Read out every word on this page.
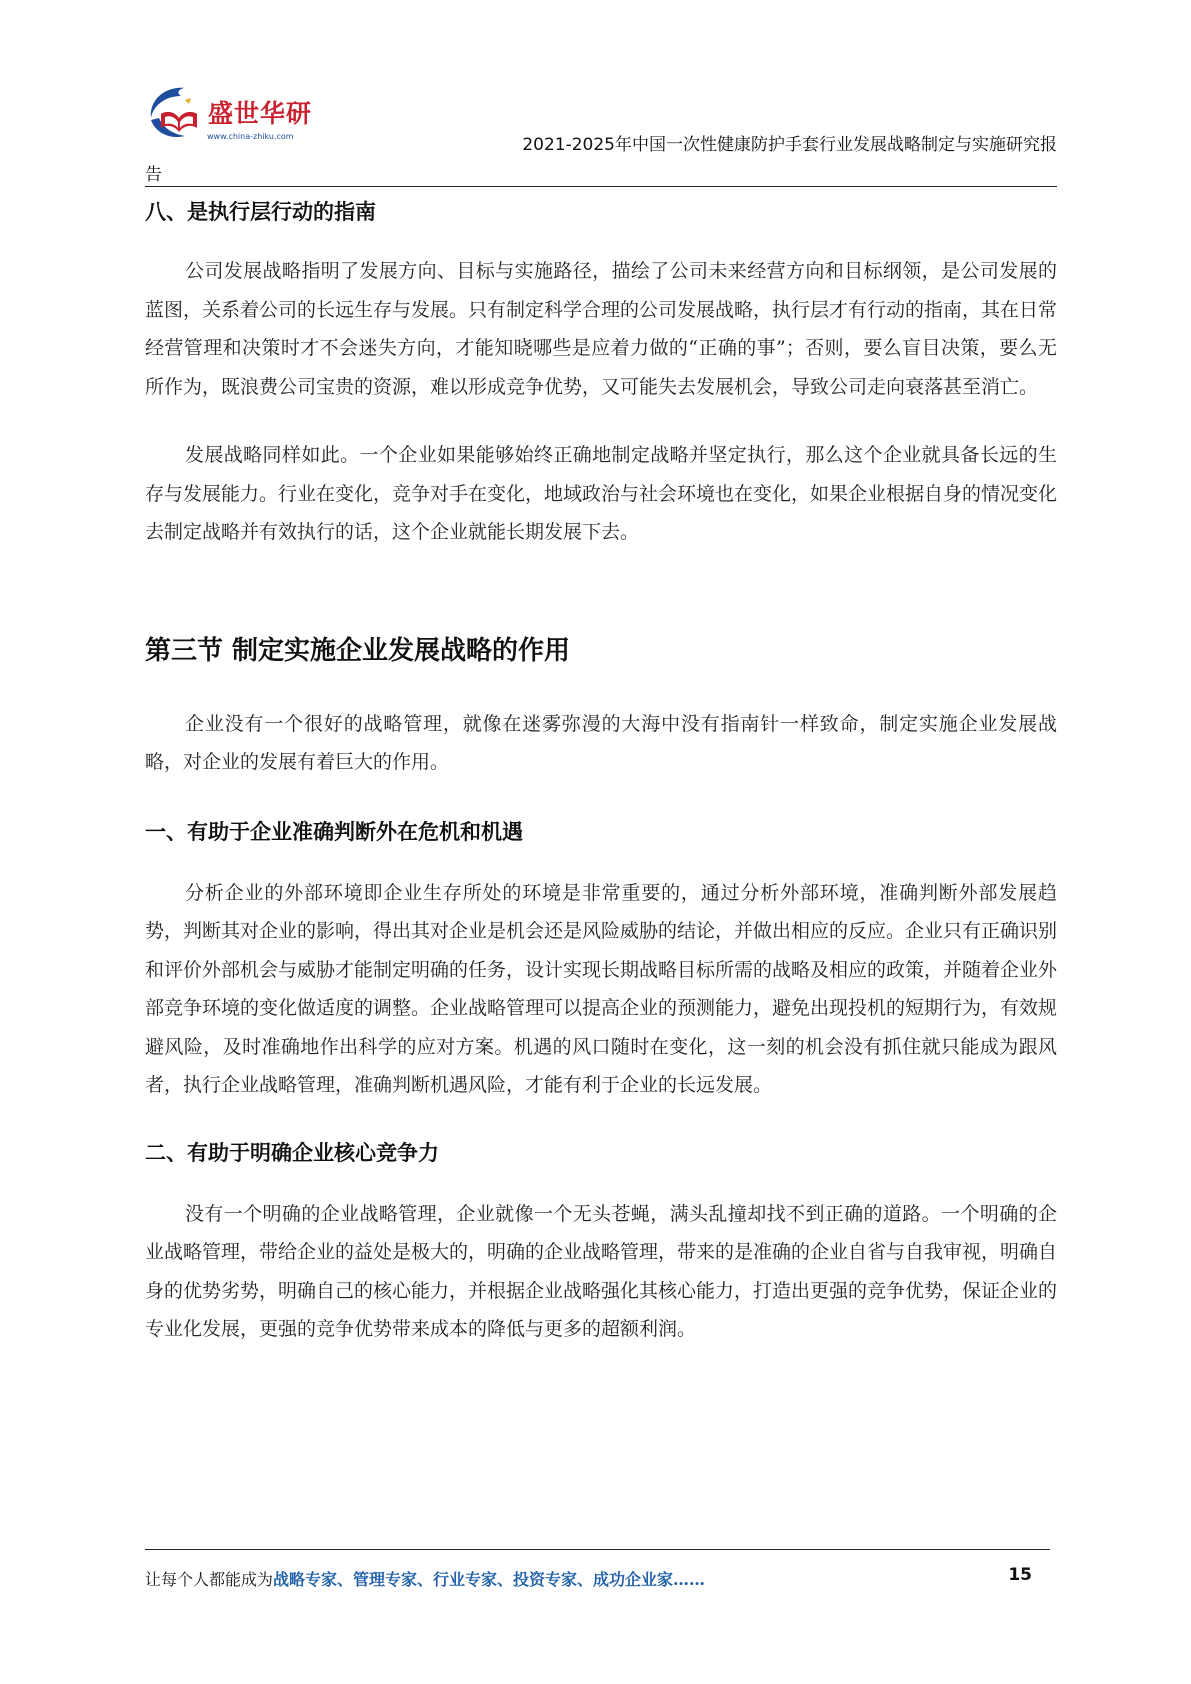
盛世华研
www.china-zhiku.com	2021-2025年中国一次性健康防护手套行业发展战略制定与实施研究报
告
八、是执行层行动的指南

公司发展战略指明了发展方向、目标与实施路径，描绘了公司未来经营方向和目标纲领，是公司发展的蓝图，关系着公司的长远生存与发展。只有制定科学合理的公司发展战略，执行层才有行动的指南，其在日常经营管理和决策时才不会迷失方向，才能知晓哪些是应着力做的“正确的事”；否则，要么盲目决策，要么无所作为，既浪费公司宝贵的资源，难以形成竞争优势，又可能失去发展机会，导致公司走向衰落甚至消亡。

发展战略同样如此。一个企业如果能够始终正确地制定战略并坚定执行，那么这个企业就具备长远的生存与发展能力。行业在变化，竞争对手在变化，地域政治与社会环境也在变化，如果企业根据自身的情况变化去制定战略并有效执行的话，这个企业就能长期发展下去。

第三节 制定实施企业发展战略的作用

企业没有一个很好的战略管理，就像在迷雾弥漫的大海中没有指南针一样致命，制定实施企业发展战略，对企业的发展有着巨大的作用。

一、有助于企业准确判断外在危机和机遇

分析企业的外部环境即企业生存所处的环境是非常重要的，通过分析外部环境，准确判断外部发展趋势，判断其对企业的影响，得出其对企业是机会还是风险威胁的结论，并做出相应的反应。企业只有正确识别和评价外部机会与威胁才能制定明确的任务，设计实现长期战略目标所需的战略及相应的政策，并随着企业外部竞争环境的变化做适度的调整。企业战略管理可以提高企业的预测能力，避免出现投机的短期行为，有效规避风险，及时准确地作出科学的应对方案。机遇的风口随时在变化，这一刻的机会没有抓住就只能成为跟风者，执行企业战略管理，准确判断机遇风险，才能有利于企业的长远发展。

二、有助于明确企业核心竞争力

没有一个明确的企业战略管理，企业就像一个无头苍蝇，满头乱撞却找不到正确的道路。一个明确的企业战略管理，带给企业的益处是极大的，明确的企业战略管理，带来的是准确的企业自省与自我审视，明确自身的优势劣势，明确自己的核心能力，并根据企业战略强化其核心能力，打造出更强的竞争优势，保证企业的专业化发展，更强的竞争优势带来成本的降低与更多的超额利润。

让每个人都能成为战略专家、管理专家、行业专家、投资专家、成功企业家……	15
